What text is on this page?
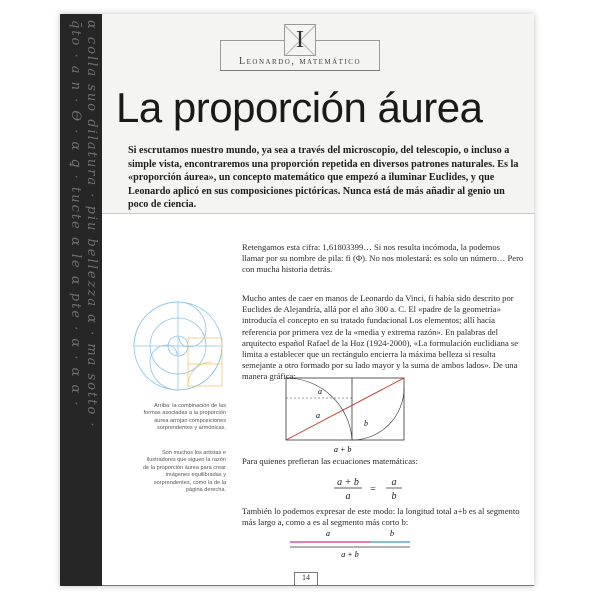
ɑ colla suo dilatura · piu bellezza ɑ · ma sotto ·
q̄to · a n · Ɵ · ɑ ꝗ · tucte ɑ le ɑ pte · ɑ · ɑ ɑ ·	I
Leonardo, matemático
La proporción áurea
Si escrutamos nuestro mundo, ya sea a través del microscopio, del telescopio, o incluso a simple vista, encontraremos una proporción repetida en diversos patrones naturales. Es la «proporción áurea», un concepto matemático que empezó a iluminar Euclides, y que Leonardo aplicó en sus composiciones pictóricas. Nunca está de más añadir al genio un poco de ciencia.
Arriba: la combinación de las formas asociadas a la proporción áurea arrojan composiciones sorprendentes y armónicas.
Son muchos los artistas e ilustradores que siguen la razón de la proporción áurea para crear imágenes equilibradas y sorprendentes, como la de la página derecha.
Retengamos esta cifra: 1,61803399… Si nos resulta incómoda, la podemos llamar por su nombre de pila: fi (Φ). No nos molestará: es solo un número… Pero con mucha historia detrás.
Mucho antes de caer en manos de Leonardo da Vinci, fi había sido descrito por Euclides de Alejandría, allá por el año 300 a. C. El «padre de la geometría» introducía el concepto en su tratado fundacional Los elementos; allí hacía referencia por primera vez de la «media y extrema razón». En palabras del arquitecto español Rafael de la Hoz (1924-2000), «La formulación euclidiana se limita a establecer que un rectángulo encierra la máxima belleza si resulta semejante a otro formado por su lado mayor y la suma de ambos lados». De una manera gráfica:
a
a
b
a + b
Para quienes prefieran las ecuaciones matemáticas:
a + b
a
=
a
b
También lo podemos expresar de este modo: la longitud total a+b es al segmento más largo a, como a es al segmento más corto b:
a	b
a + b
14
